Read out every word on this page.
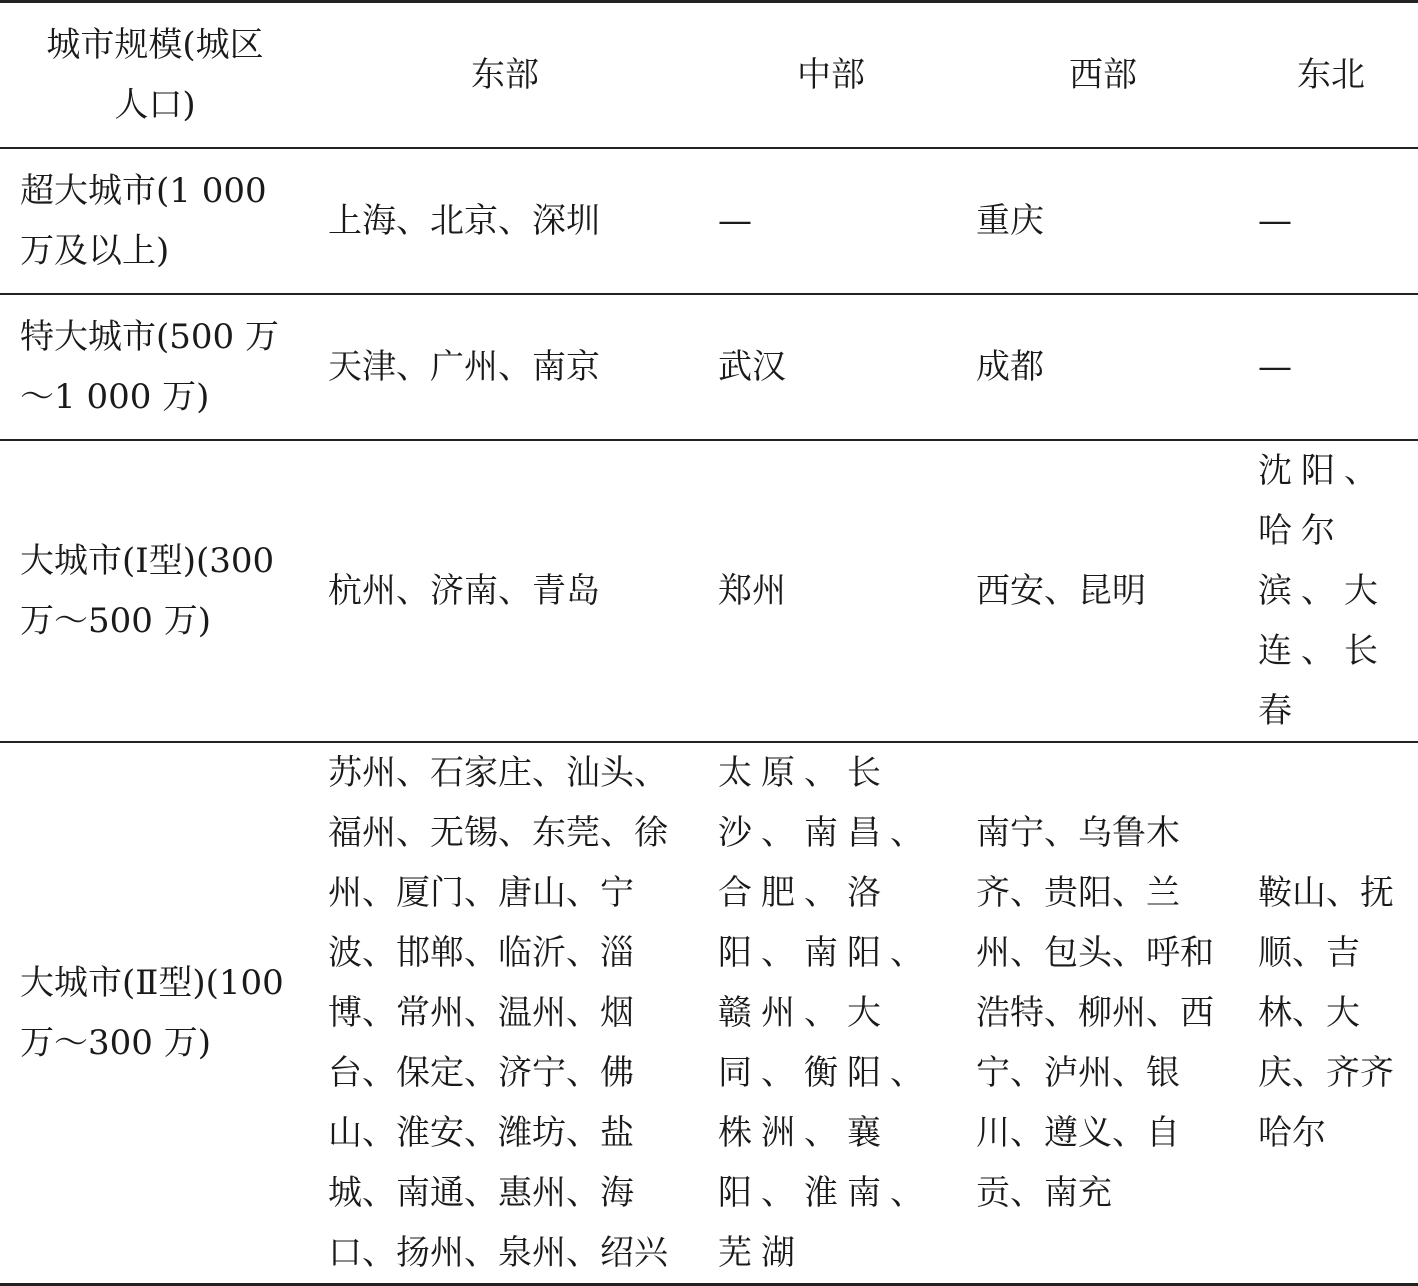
城市规模(城区人口)	东部	中部	西部	东北
超大城市(1 000 万及以上)	上海、北京、深圳	—	重庆	—
特大城市(500 万～1 000 万)	天津、广州、南京	武汉	成都	—
大城市(Ⅰ型)(300 万～500 万)	杭州、济南、青岛	郑州	西安、昆明	沈阳、哈尔滨、大连、长春
大城市(Ⅱ型)(100 万～300 万)	苏州、石家庄、汕头、福州、无锡、东莞、徐州、厦门、唐山、宁波、邯郸、临沂、淄博、常州、温州、烟台、保定、济宁、佛山、淮安、潍坊、盐城、南通、惠州、海口、扬州、泉州、绍兴	太原、长沙、南昌、合肥、洛阳、南阳、赣州、大同、衡阳、株洲、襄阳、淮南、芜湖	南宁、乌鲁木齐、贵阳、兰州、包头、呼和浩特、柳州、西宁、泸州、银川、遵义、自贡、南充	鞍山、抚顺、吉林、大庆、齐齐哈尔
